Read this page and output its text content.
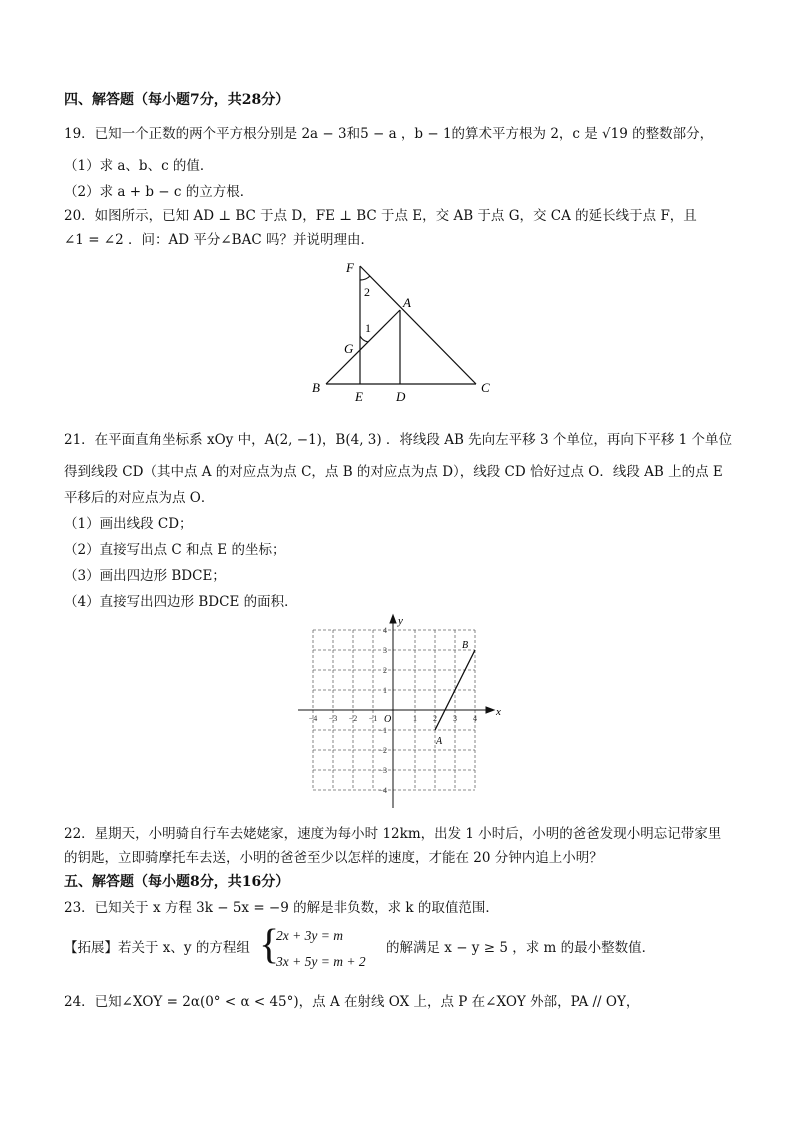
四、解答题（每小题7分，共28分）
19．已知一个正数的两个平方根分别是 2a − 3和5 − a ，b − 1的算术平方根为 2，c 是 √19 的整数部分，
（1）求 a、b、c 的值．
（2）求 a + b − c 的立方根．
20．如图所示，已知 AD ⊥ BC 于点 D，FE ⊥ BC 于点 E，交 AB 于点 G，交 CA 的延长线于点 F，且
∠1 = ∠2 ．问：AD 平分∠BAC 吗？并说明理由．
F
A
G
B
E	D
C
2
1
21．在平面直角坐标系 xOy 中，A(2, −1)，B(4, 3) ．将线段 AB 先向左平移 3 个单位，再向下平移 1 个单位
得到线段 CD（其中点 A 的对应点为点 C，点 B 的对应点为点 D），线段 CD 恰好过点 O．线段 AB 上的点 E
平移后的对应点为点 O．
（1）画出线段 CD；
（2）直接写出点 C 和点 E 的坐标；
（3）画出四边形 BDCE；
（4）直接写出四边形 BDCE 的面积．
x
y
O
B
A
−4 −3 −2 −1	1 2 3 4
4
3
2
1
−1
−2
−3
−4
22．星期天，小明骑自行车去姥姥家，速度为每小时 12km，出发 1 小时后，小明的爸爸发现小明忘记带家里
的钥匙，立即骑摩托车去送，小明的爸爸至少以怎样的速度，才能在 20 分钟内追上小明？
五、解答题（每小题8分，共16分）
23．已知关于 x 方程 3k − 5x = −9 的解是非负数，求 k 的取值范围．
【拓展】若关于 x、y 的方程组 {
2x + 3y = m
3x + 5y = m + 2
的解满足 x − y ≥ 5 ，求 m 的最小整数值．
24．已知∠XOY = 2α(0° < α < 45°)，点 A 在射线 OX 上，点 P 在∠XOY 外部，PA // OY，
